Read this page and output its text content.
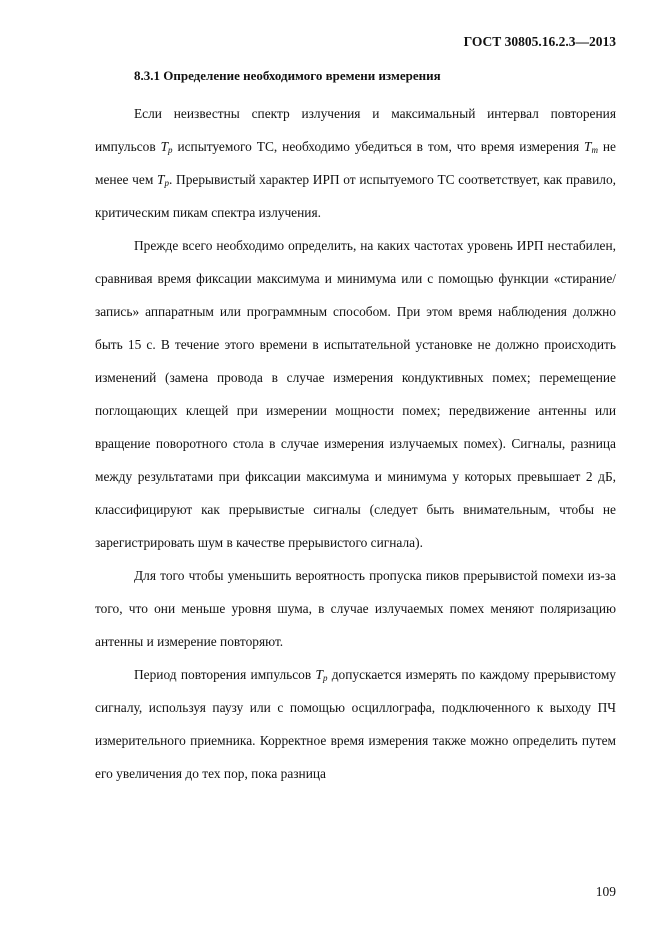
ГОСТ 30805.16.2.3—2013
8.3.1 Определение необходимого времени измерения

Если неизвестны спектр излучения и максимальный интервал повторения импульсов $T_p$ испытуемого ТС, необходимо убедиться в том, что время измерения $T_m$ не менее чем $T_p$. Прерывистый характер ИРП от испытуемого ТС соответствует, как правило, критическим пикам спектра излучения.

Прежде всего необходимо определить, на каких частотах уровень ИРП нестабилен, сравнивая время фиксации максимума и минимума или с помощью функции «стирание/запись» аппаратным или программным способом. При этом время наблюдения должно быть 15 с. В течение этого времени в испытательной установке не должно происходить изменений (замена провода в случае измерения кондуктивных помех; перемещение поглощающих клещей при измерении мощности помех; передвижение антенны или вращение поворотного стола в случае измерения излучаемых помех). Сигналы, разница между результатами при фиксации максимума и минимума у которых превышает 2 дБ, классифицируют как прерывистые сигналы (следует быть внимательным, чтобы не зарегистрировать шум в качестве прерывистого сигнала).

Для того чтобы уменьшить вероятность пропуска пиков прерывистой помехи из-за того, что они меньше уровня шума, в случае излучаемых помех меняют поляризацию антенны и измерение повторяют.

Период повторения импульсов $T_p$ допускается измерять по каждому прерывистому сигналу, используя паузу или с помощью осциллографа, подключенного к выходу ПЧ измерительного приемника. Корректное время измерения также можно определить путем его увеличения до тех пор, пока разница

109
